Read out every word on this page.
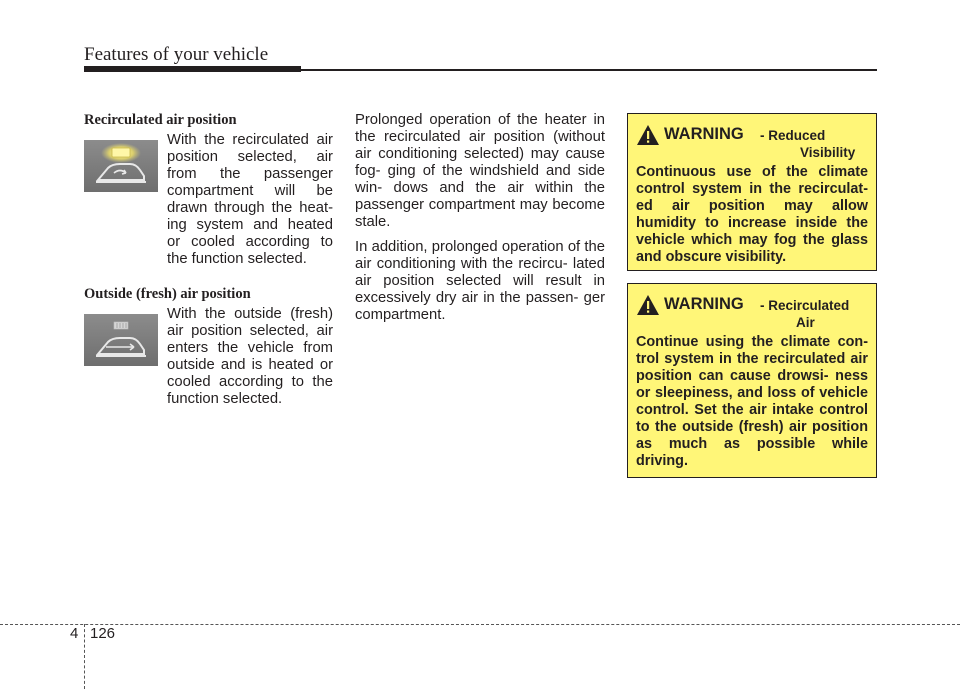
Features of your vehicle
Recirculated air position
With the recirculated air position selected, air from the passenger compartment will be drawn through the heat- ing system and heated or cooled according to the function selected.
Outside (fresh) air position
With the outside (fresh) air position selected, air enters the vehicle from outside and is heated or cooled according to the function selected.

Prolonged operation of the heater in the recirculated air position (without air conditioning selected) may cause fog- ging of the windshield and side win- dows and the air within the passenger compartment may become stale.

In addition, prolonged operation of the air conditioning with the recircu- lated air position selected will result in excessively dry air in the passen- ger compartment.

WARNING - Reduced
Visibility
Continuous use of the climate control system in the recirculat- ed air position may allow humidity to increase inside the vehicle which may fog the glass and obscure visibility.
WARNING - Recirculated
Air
Continue using the climate con- trol system in the recirculated air position can cause drowsi- ness or sleepiness, and loss of vehicle control. Set the air intake control to the outside (fresh) air position as much as possible while driving.
4 126
